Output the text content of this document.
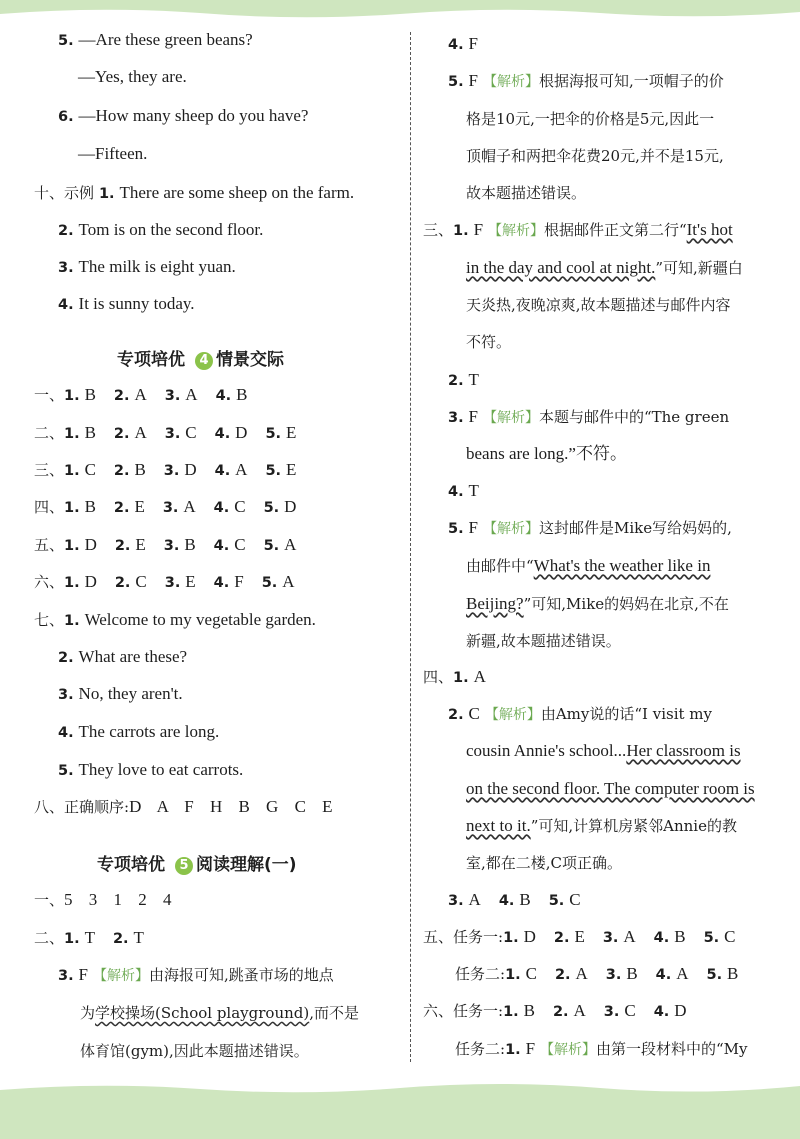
5. —Are these green beans?
—Yes, they are.
6. —How many sheep do you have?
—Fifteen.
十、示例 1. There are some sheep on the farm.
2. Tom is on the second floor.
3. The milk is eight yuan.
4. It is sunny today.
专项培优 4 情景交际
一、1. B 2. A 3. A 4. B
二、1. B 2. A 3. C 4. D 5. E
三、1. C 2. B 3. D 4. A 5. E
四、1. B 2. E 3. A 4. C 5. D
五、1. D 2. E 3. B 4. C 5. A
六、1. D 2. C 3. E 4. F 5. A
七、1. Welcome to my vegetable garden.
2. What are these?
3. No, they aren't.
4. The carrots are long.
5. They love to eat carrots.
八、正确顺序:D A F H B G C E
专项培优 5 阅读理解(一)
一、5 3 1 2 4
二、1. T 2. T
3. F 【解析】由海报可知,跳蚤市场的地点
为学校操场(School playground),而不是
体育馆(gym),因此本题描述错误。
4. F
5. F 【解析】根据海报可知,一项帽子的价
格是10元,一把伞的价格是5元,因此一
顶帽子和两把伞花费20元,并不是15元,
故本题描述错误。
三、1. F 【解析】根据邮件正文第二行“It's hot
in the day and cool at night.”可知,新疆白
天炎热,夜晚凉爽,故本题描述与邮件内容
不符。
2. T
3. F 【解析】本题与邮件中的“The green
beans are long.”不符。
4. T
5. F 【解析】这封邮件是Mike写给妈妈的,
由邮件中“What's the weather like in
Beijing?”可知,Mike的妈妈在北京,不在
新疆,故本题描述错误。
四、1. A
2. C 【解析】由Amy说的话“I visit my
cousin Annie's school...Her classroom is
on the second floor. The computer room is
next to it.”可知,计算机房紧邻Annie的教
室,都在二楼,C项正确。
3. A 4. B 5. C
五、任务一:1. D 2. E 3. A 4. B 5. C
任务二:1. C 2. A 3. B 4. A 5. B
六、任务一:1. B 2. A 3. C 4. D
任务二:1. F 【解析】由第一段材料中的“My
